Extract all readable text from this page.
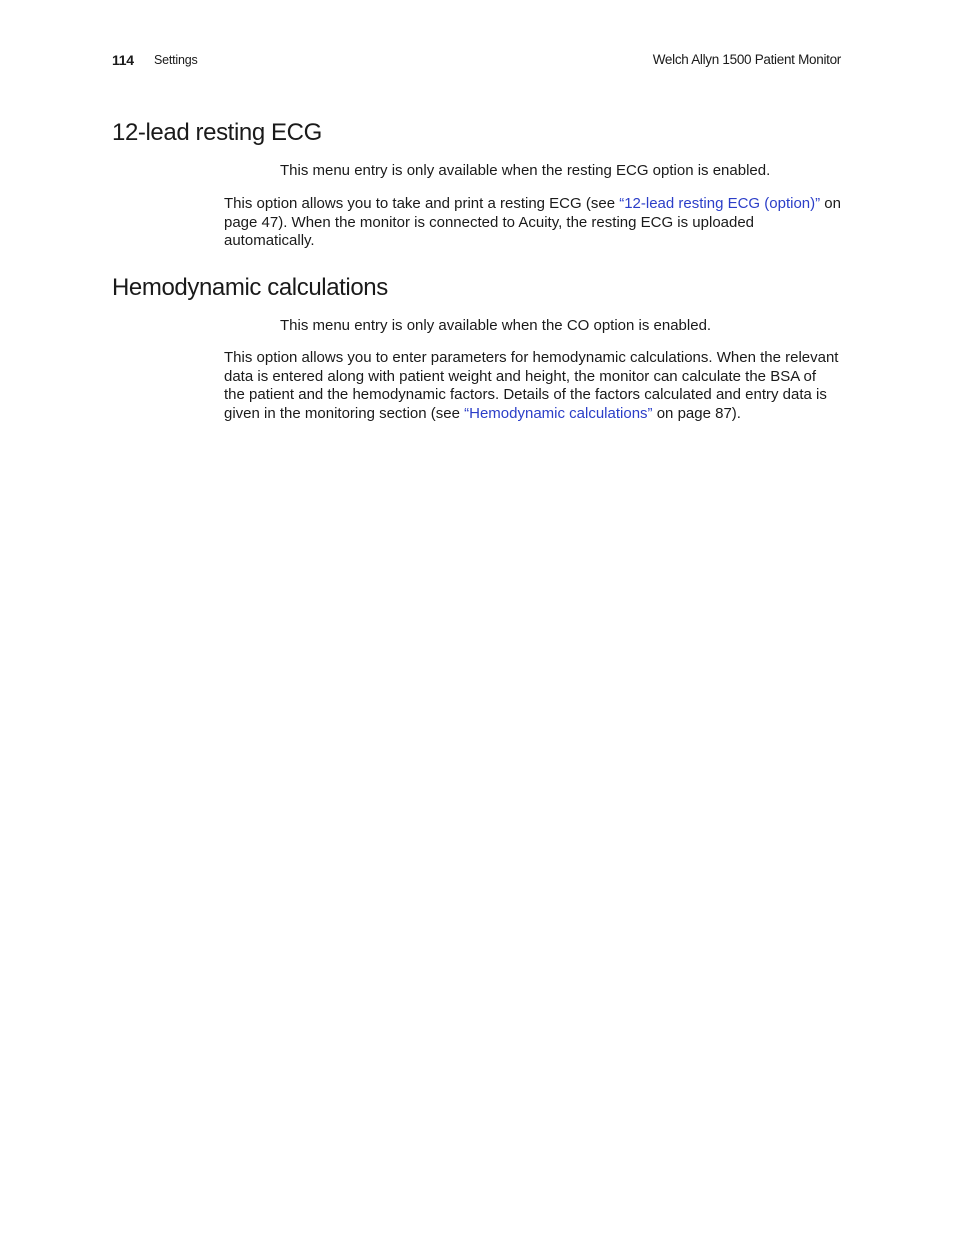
114 Settings	Welch Allyn 1500 Patient Monitor
12-lead resting ECG

This menu entry is only available when the resting ECG option is enabled.

This option allows you to take and print a resting ECG (see “12-lead resting ECG (option)” on page 47). When the monitor is connected to Acuity, the resting ECG is uploaded automatically.

Hemodynamic calculations

This menu entry is only available when the CO option is enabled.

This option allows you to enter parameters for hemodynamic calculations. When the relevant data is entered along with patient weight and height, the monitor can calculate the BSA of the patient and the hemodynamic factors. Details of the factors calculated and entry data is given in the monitoring section (see “Hemodynamic calculations” on page 87).
